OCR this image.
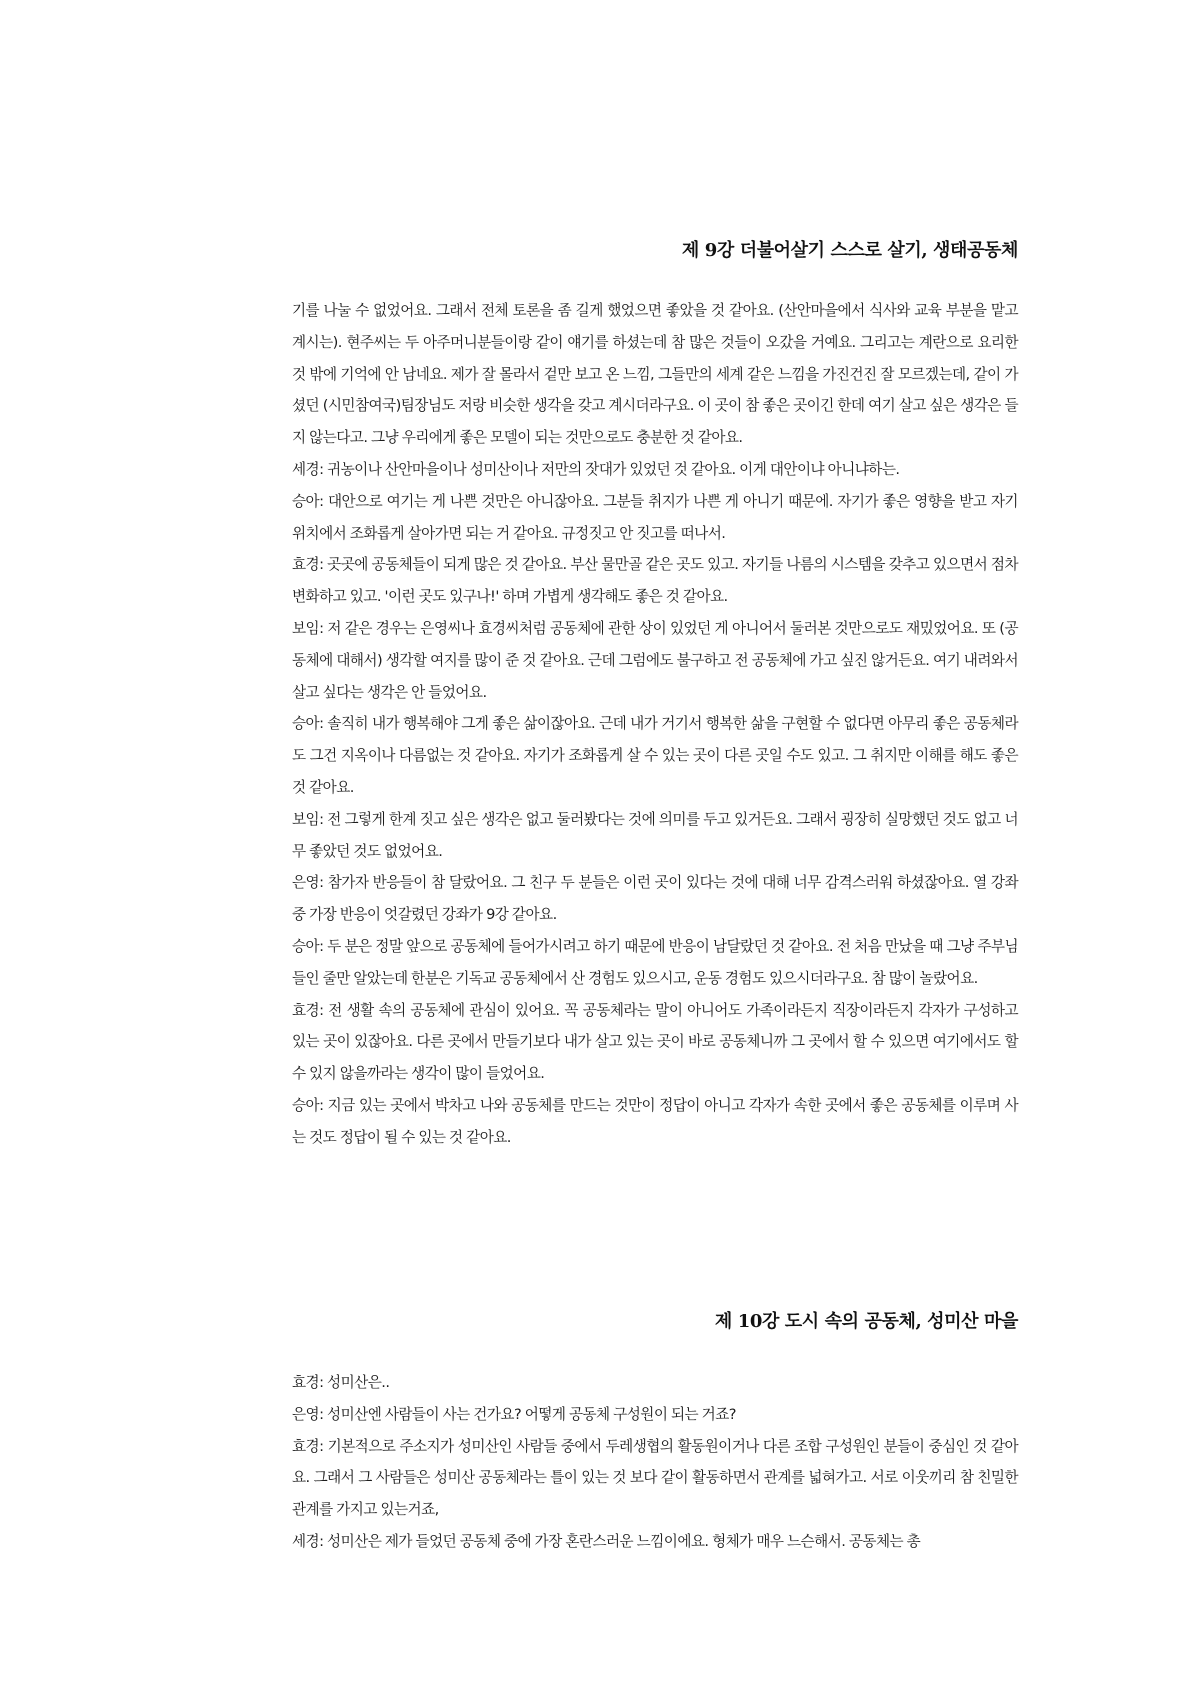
제 9강 더불어살기 스스로 살기, 생태공동체

기를 나눌 수 없었어요. 그래서 전체 토론을 좀 길게 했었으면 좋았을 것 같아요. (산안마을에서 식사와 교육 부분을 맡고 계시는). 현주씨는 두 아주머니분들이랑 같이 얘기를 하셨는데 참 많은 것들이 오갔을 거예요. 그리고는 계란으로 요리한 것 밖에 기억에 안 남네요. 제가 잘 몰라서 겉만 보고 온 느낌, 그들만의 세계 같은 느낌을 가진건진 잘 모르겠는데, 같이 가셨던 (시민참여국)팀장님도 저랑 비슷한 생각을 갖고 계시더라구요. 이 곳이 참 좋은 곳이긴 한데 여기 살고 싶은 생각은 들지 않는다고. 그냥 우리에게 좋은 모델이 되는 것만으로도 충분한 것 같아요.

세경: 귀농이나 산안마을이나 성미산이나 저만의 잣대가 있었던 것 같아요. 이게 대안이냐 아니냐하는.

승아: 대안으로 여기는 게 나쁜 것만은 아니잖아요. 그분들 취지가 나쁜 게 아니기 때문에. 자기가 좋은 영향을 받고 자기 위치에서 조화롭게 살아가면 되는 거 같아요. 규정짓고 안 짓고를 떠나서.

효경: 곳곳에 공동체들이 되게 많은 것 같아요. 부산 물만골 같은 곳도 있고. 자기들 나름의 시스템을 갖추고 있으면서 점차 변화하고 있고. '이런 곳도 있구나!' 하며 가볍게 생각해도 좋은 것 같아요.

보임: 저 같은 경우는 은영씨나 효경씨처럼 공동체에 관한 상이 있었던 게 아니어서 둘러본 것만으로도 재밌었어요. 또 (공동체에 대해서) 생각할 여지를 많이 준 것 같아요. 근데 그럼에도 불구하고 전 공동체에 가고 싶진 않거든요. 여기 내려와서 살고 싶다는 생각은 안 들었어요.

승아: 솔직히 내가 행복해야 그게 좋은 삶이잖아요. 근데 내가 거기서 행복한 삶을 구현할 수 없다면 아무리 좋은 공동체라도 그건 지옥이나 다름없는 것 같아요. 자기가 조화롭게 살 수 있는 곳이 다른 곳일 수도 있고. 그 취지만 이해를 해도 좋은 것 같아요.

보임: 전 그렇게 한계 짓고 싶은 생각은 없고 둘러봤다는 것에 의미를 두고 있거든요. 그래서 굉장히 실망했던 것도 없고 너무 좋았던 것도 없었어요.

은영: 참가자 반응들이 참 달랐어요. 그 친구 두 분들은 이런 곳이 있다는 것에 대해 너무 감격스러워 하셨잖아요. 열 강좌 중 가장 반응이 엇갈렸던 강좌가 9강 같아요.

승아: 두 분은 정말 앞으로 공동체에 들어가시려고 하기 때문에 반응이 남달랐던 것 같아요. 전 처음 만났을 때 그냥 주부님들인 줄만 알았는데 한분은 기독교 공동체에서 산 경험도 있으시고, 운동 경험도 있으시더라구요. 참 많이 놀랐어요.

효경: 전 생활 속의 공동체에 관심이 있어요. 꼭 공동체라는 말이 아니어도 가족이라든지 직장이라든지 각자가 구성하고 있는 곳이 있잖아요. 다른 곳에서 만들기보다 내가 살고 있는 곳이 바로 공동체니까 그 곳에서 할 수 있으면 여기에서도 할 수 있지 않을까라는 생각이 많이 들었어요.

승아: 지금 있는 곳에서 박차고 나와 공동체를 만드는 것만이 정답이 아니고 각자가 속한 곳에서 좋은 공동체를 이루며 사는 것도 정답이 될 수 있는 것 같아요.

제 10강 도시 속의 공동체, 성미산 마을

효경: 성미산은..

은영: 성미산엔 사람들이 사는 건가요? 어떻게 공동체 구성원이 되는 거죠?

효경: 기본적으로 주소지가 성미산인 사람들 중에서 두레생협의 활동원이거나 다른 조합 구성원인 분들이 중심인 것 같아요. 그래서 그 사람들은 성미산 공동체라는 틀이 있는 것 보다 같이 활동하면서 관계를 넓혀가고. 서로 이웃끼리 참 친밀한 관계를 가지고 있는거죠,

세경: 성미산은 제가 들었던 공동체 중에 가장 혼란스러운 느낌이에요. 형체가 매우 느슨해서. 공동체는 총
